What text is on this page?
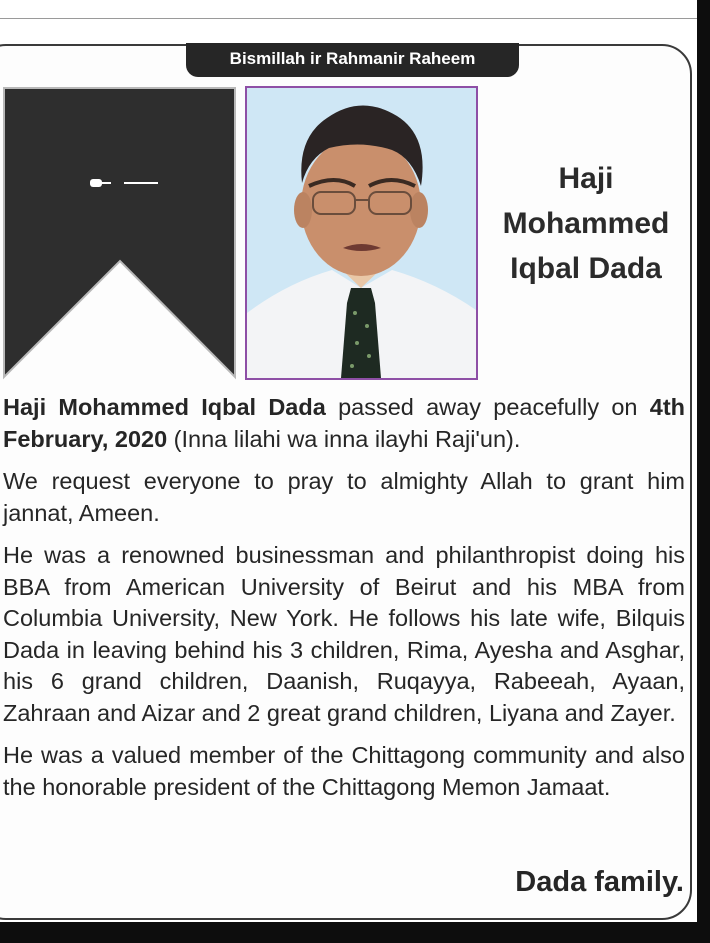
Bismillah ir Rahmanir Raheem
Haji
Mohammed
Iqbal Dada

Haji Mohammed Iqbal Dada passed away peacefully on 4th February, 2020 (Inna lilahi wa inna ilayhi Raji'un).

We request everyone to pray to almighty Allah to grant him jannat, Ameen.

He was a renowned businessman and philanthropist doing his BBA from American University of Beirut and his MBA from Columbia University, New York. He follows his late wife, Bilquis Dada in leaving behind his 3 children, Rima, Ayesha and Asghar, his 6 grand children, Daanish, Ruqayya, Rabeeah, Ayaan, Zahraan and Aizar and 2 great grand children, Liyana and Zayer.

He was a valued member of the Chittagong community and also the honorable president of the Chittagong Memon Jamaat.

Dada family.
